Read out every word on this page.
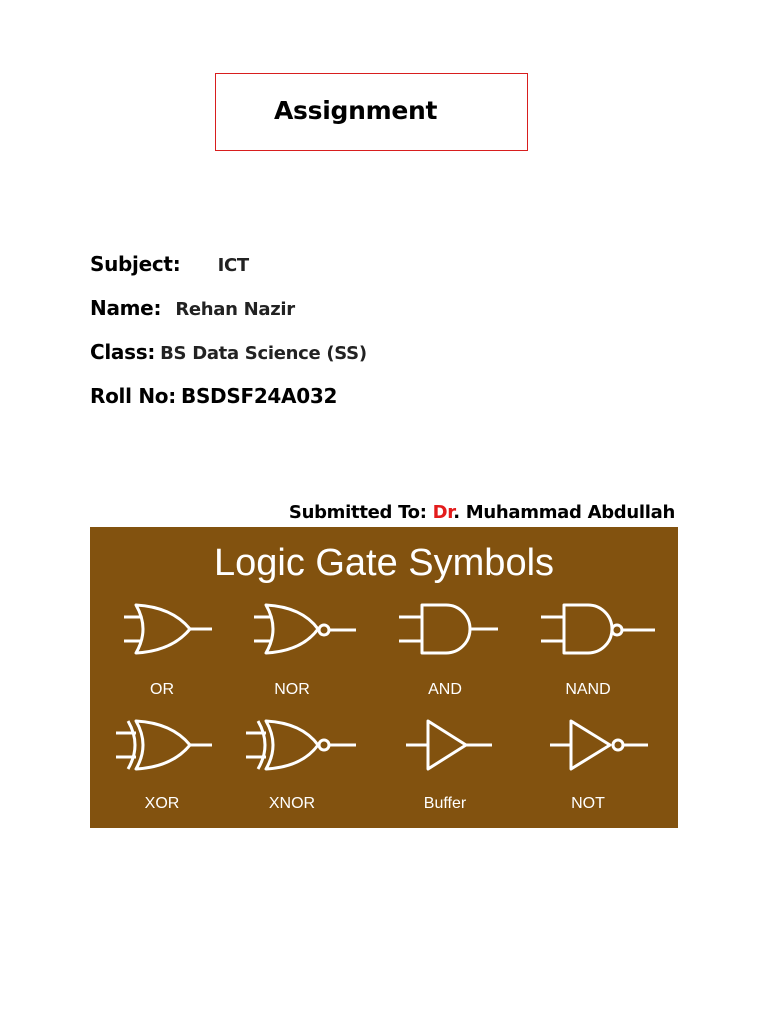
Assignment
Subject: ICT
Name: Rehan Nazir
Class: BS Data Science (SS)
Roll No: BSDSF24A032
Submitted To: Dr. Muhammad Abdullah
Logic Gate Symbols
OR	NOR	AND	NAND
XOR	XNOR	Buffer	NOT
